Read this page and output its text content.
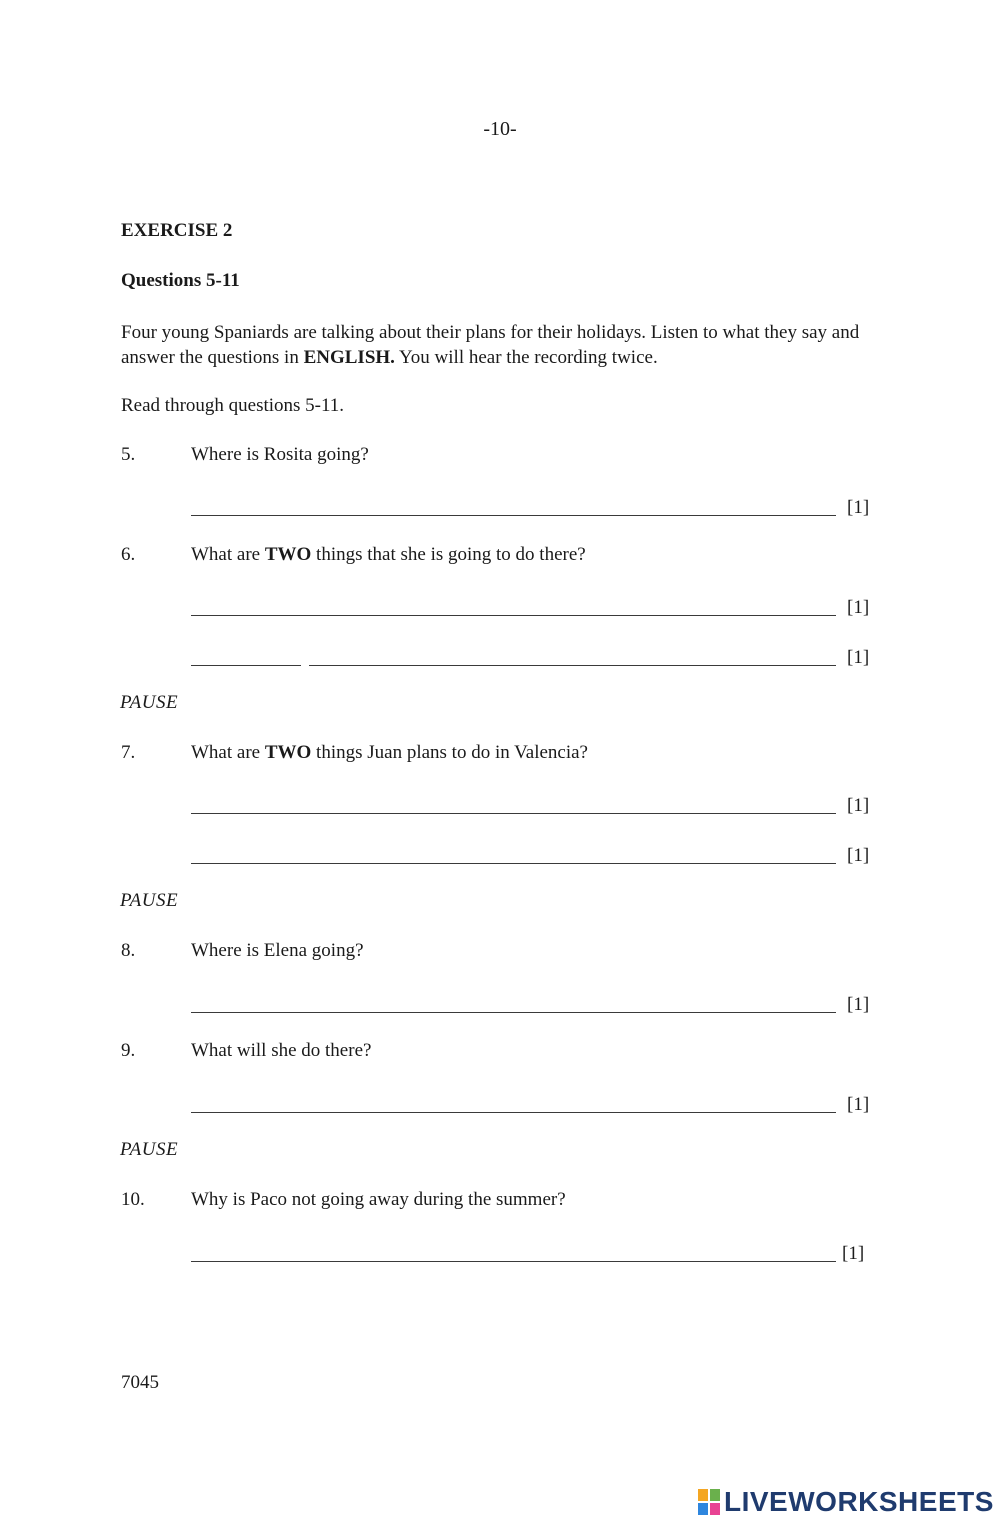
-10-
EXERCISE 2
Questions 5-11
Four young Spaniards are talking about their plans for their holidays. Listen to what they say and answer the questions in ENGLISH. You will hear the recording twice.
Read through questions 5-11.
5.	Where is Rosita going?
[1]
6.	What are TWO things that she is going to do there?
[1]
[1]
PAUSE
7.	What are TWO things Juan plans to do in Valencia?
[1]
[1]
PAUSE
8.	Where is Elena going?
[1]
9.	What will she do there?
[1]
PAUSE
10. Why is Paco not going away during the summer?
[1]
7045
LIVEWORKSHEETS
